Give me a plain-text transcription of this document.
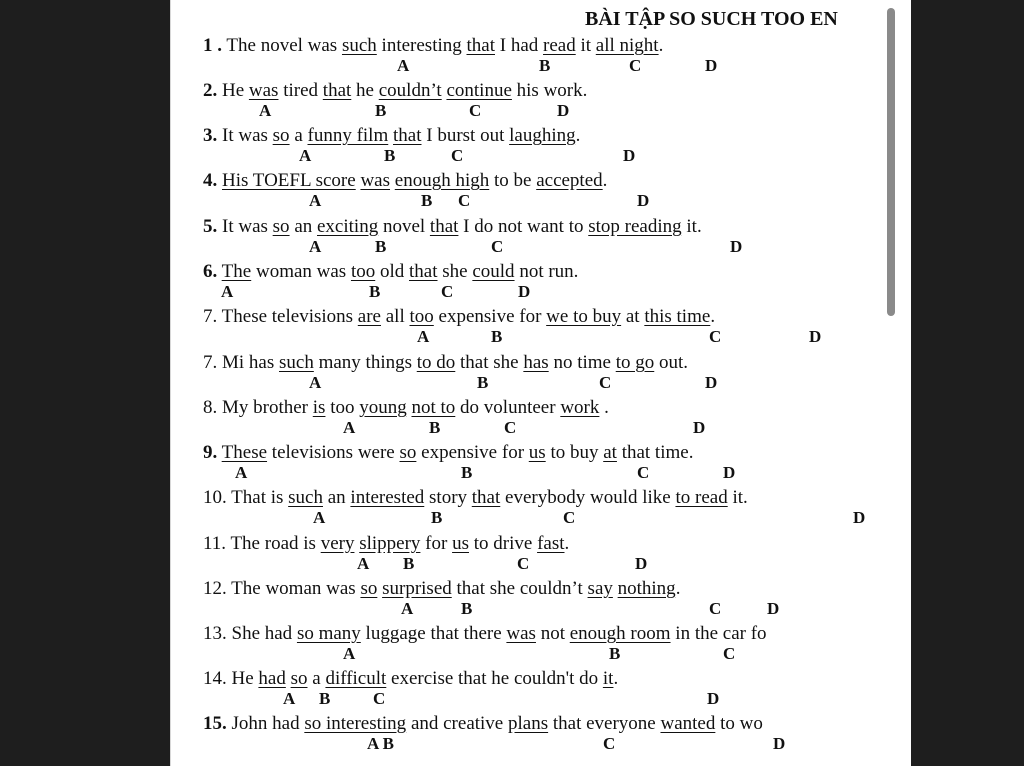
BÀI TẬP SO SUCH TOO EN
1 . The novel was such interesting that I had read it all night.
A	B	C	D
2. He was tired that he couldn’t continue his work.
A	B	C	D
3. It was so a funny film that I burst out laughing.
A	B	C	D
4. His TOEFL score was enough high to be accepted.
A	B C	D
5. It was so an exciting novel that I do not want to stop reading it.
A	B	C	D
6. The woman was too old that she could not run.
A	B	C	D
7. These televisions are all too expensive for we to buy at this time.
A	B	C	D
7. Mi has such many things to do that she has no time to go out.
A	B	C	D
8. My brother is too young not to do volunteer work .
A	B	C	D
9. These televisions were so expensive for us to buy at that time.
A	B	C	D
10. That is such an interested story that everybody would like to read it.
A	B	C	D
11. The road is very slippery for us to drive fast.
A B	C	D
12. The woman was so surprised that she couldn’t say nothing.
A	B	C	D
13. She had so many luggage that there was not enough room in the car fo
A	B	C
14. He had so a difficult exercise that he couldn't do it.
A B	C	D
15. John had so interesting and creative plans that everyone wanted to wo
A B	C	D
